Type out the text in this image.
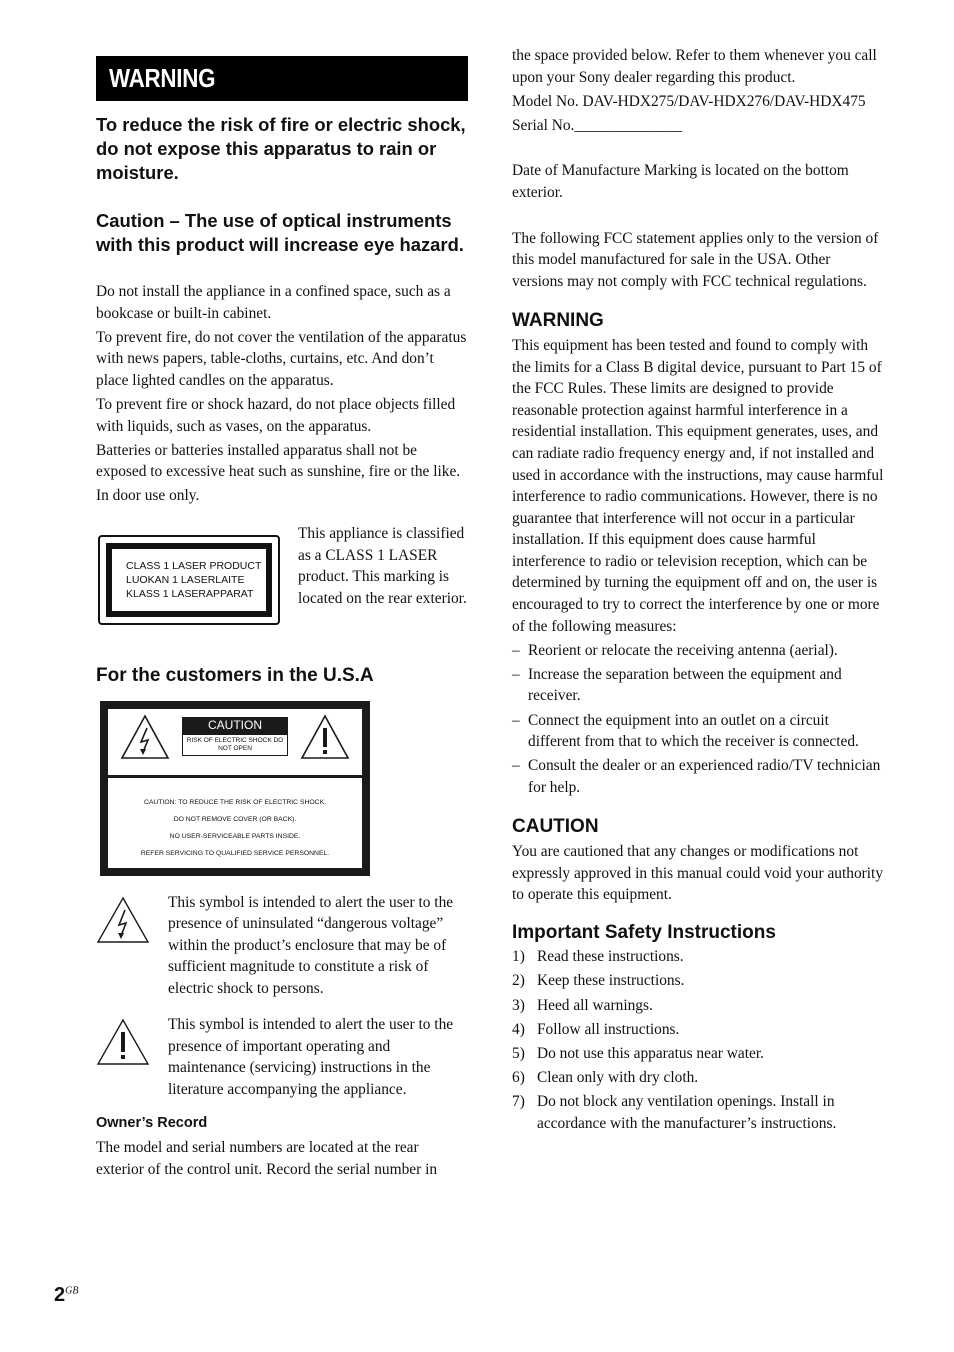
WARNING

To reduce the risk of fire or electric shock, do not expose this apparatus to rain or moisture.

Caution – The use of optical instruments with this product will increase eye hazard.

Do not install the appliance in a confined space, such as a bookcase or built-in cabinet.

To prevent fire, do not cover the ventilation of the apparatus with news papers, table-cloths, curtains, etc. And don’t place lighted candles on the apparatus.

To prevent fire or shock hazard, do not place objects filled with liquids, such as vases, on the apparatus.

Batteries or batteries installed apparatus shall not be exposed to excessive heat such as sunshine, fire or the like.

In door use only.

CLASS 1 LASER PRODUCT
LUOKAN 1 LASERLAITE
KLASS 1 LASERAPPARAT

This appliance is classified as a CLASS 1 LASER product. This marking is located on the rear exterior.

For the customers in the U.S.A

CAUTION
RISK OF ELECTRIC SHOCK DO NOT OPEN
CAUTION: TO REDUCE THE RISK OF ELECTRIC SHOCK,
DO NOT REMOVE COVER (OR BACK).
NO USER-SERVICEABLE PARTS INSIDE.
REFER SERVICING TO QUALIFIED SERVICE PERSONNEL.

This symbol is intended to alert the user to the presence of uninsulated “dangerous voltage” within the product’s enclosure that may be of sufficient magnitude to constitute a risk of electric shock to persons.

This symbol is intended to alert the user to the presence of important operating and maintenance (servicing) instructions in the literature accompanying the appliance.

Owner’s Record

The model and serial numbers are located at the rear exterior of the control unit. Record the serial number in

the space provided below. Refer to them whenever you call upon your Sony dealer regarding this product.

Model No. DAV-HDX275/DAV-HDX276/DAV-HDX475

Serial No.______________

Date of Manufacture Marking is located on the bottom exterior.

The following FCC statement applies only to the version of this model manufactured for sale in the USA. Other versions may not comply with FCC technical regulations.

WARNING

This equipment has been tested and found to comply with the limits for a Class B digital device, pursuant to Part 15 of the FCC Rules. These limits are designed to provide reasonable protection against harmful interference in a residential installation. This equipment generates, uses, and can radiate radio frequency energy and, if not installed and used in accordance with the instructions, may cause harmful interference to radio communications. However, there is no guarantee that interference will not occur in a particular installation. If this equipment does cause harmful interference to radio or television reception, which can be determined by turning the equipment off and on, the user is encouraged to try to correct the interference by one or more of the following measures:

– Reorient or relocate the receiving antenna (aerial).
– Increase the separation between the equipment and receiver.
– Connect the equipment into an outlet on a circuit different from that to which the receiver is connected.
– Consult the dealer or an experienced radio/TV technician for help.

CAUTION

You are cautioned that any changes or modifications not expressly approved in this manual could void your authority to operate this equipment.

Important Safety Instructions

1) Read these instructions.
2) Keep these instructions.
3) Heed all warnings.
4) Follow all instructions.
5) Do not use this apparatus near water.
6) Clean only with dry cloth.
7) Do not block any ventilation openings. Install in accordance with the manufacturer’s instructions.
$2^{GB}$
